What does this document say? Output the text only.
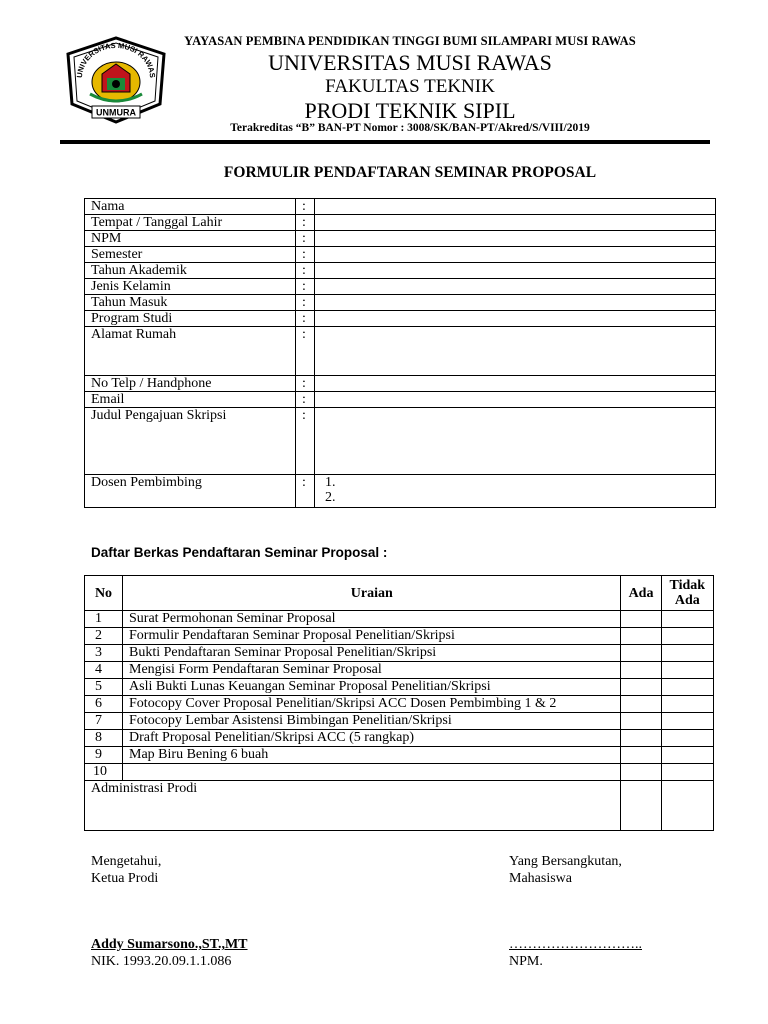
UNIVERSITAS MUSI RAWAS
UNMURA
YAYASAN PEMBINA PENDIDIKAN TINGGI BUMI SILAMPARI MUSI RAWAS
UNIVERSITAS MUSI RAWAS
FAKULTAS TEKNIK
PRODI TEKNIK SIPIL
Terakreditas “B” BAN-PT Nomor : 3008/SK/BAN-PT/Akred/S/VIII/2019
FORMULIR PENDAFTARAN SEMINAR PROPOSAL
Nama	:	
Tempat / Tanggal Lahir	:	
NPM	:	
Semester	:	
Tahun Akademik	:	
Jenis Kelamin	:	
Tahun Masuk	:	
Program Studi	:	
Alamat Rumah	:	
No Telp / Handphone	:	
Email	:	
Judul Pengajuan Skripsi	:	
Dosen Pembimbing	:	1.
2.
Daftar Berkas Pendaftaran Seminar Proposal :
No	Uraian	Ada	Tidak
Ada

1	Surat Permohonan Seminar Proposal		
2	Formulir Pendaftaran Seminar Proposal Penelitian/Skripsi		
3	Bukti Pendaftaran Seminar Proposal Penelitian/Skripsi		
4	Mengisi Form Pendaftaran Seminar Proposal		
5	Asli Bukti Lunas Keuangan Seminar Proposal Penelitian/Skripsi		
6	Fotocopy Cover Proposal Penelitian/Skripsi ACC Dosen Pembimbing 1 & 2		
7	Fotocopy Lembar Asistensi Bimbingan Penelitian/Skripsi		
8	Draft Proposal Penelitian/Skripsi ACC (5 rangkap)		
9	Map Biru Bening 6 buah		
10			
Administrasi Prodi			
Mengetahui,
Ketua Prodi
Yang Bersangkutan,
Mahasiswa
Addy Sumarsono.,ST.,MT
NIK. 1993.20.09.1.1.086
………………………..
NPM.
